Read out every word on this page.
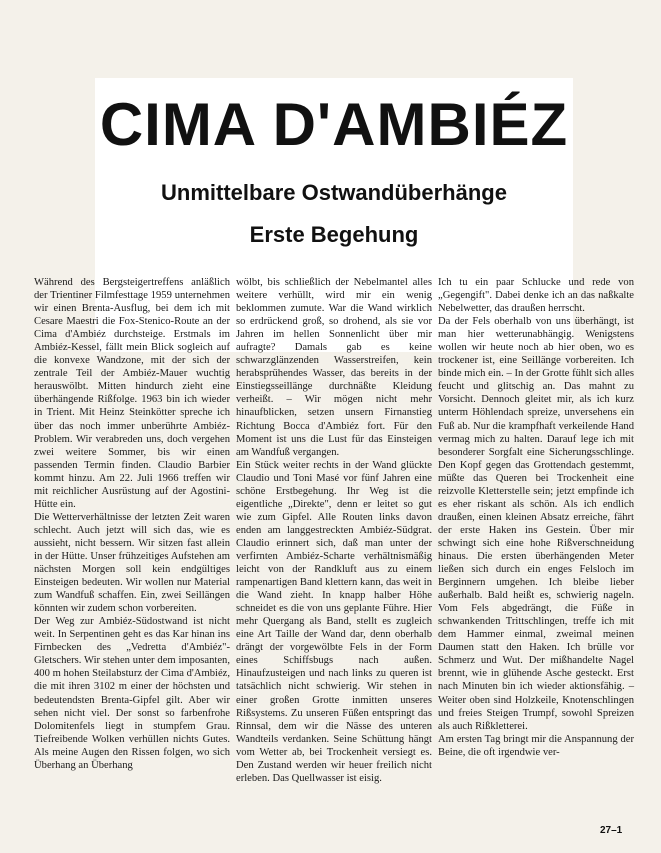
CIMA D'AMBIÉZ
Unmittelbare Ostwandüberhänge
Erste Begehung

Während des Bergsteigertreffens anläßlich der Trientiner Filmfesttage 1959 unternehmen wir einen Brenta-Ausflug, bei dem ich mit Cesare Maestri die Fox-Stenico-Route an der Cima d'Ambiéz durchsteige. Erstmals im Ambiéz-Kessel, fällt mein Blick sogleich auf die konvexe Wandzone, mit der sich der zentrale Teil der Ambiéz-Mauer wuchtig herauswölbt. Mitten hindurch zieht eine überhängende Rißfolge. 1963 bin ich wieder in Trient. Mit Heinz Steinkötter spreche ich über das noch immer unberührte Ambiéz-Problem. Wir verabreden uns, doch vergehen zwei weitere Sommer, bis wir einen passenden Termin finden. Claudio Barbier kommt hinzu. Am 22. Juli 1966 treffen wir mit reichlicher Ausrüstung auf der Agostini-Hütte ein.

Die Wetterverhältnisse der letzten Zeit waren schlecht. Auch jetzt will sich das, wie es aussieht, nicht bessern. Wir sitzen fast allein in der Hütte. Unser frühzeitiges Aufstehen am nächsten Morgen soll kein endgültiges Einsteigen bedeuten. Wir wollen nur Material zum Wandfuß schaffen. Ein, zwei Seillängen könnten wir zudem schon vorbereiten.

Der Weg zur Ambiéz-Südostwand ist nicht weit. In Serpentinen geht es das Kar hinan ins Firnbecken des „Vedretta d'Ambiéz"-Gletschers. Wir stehen unter dem imposanten, 400 m hohen Steilabsturz der Cima d'Ambiéz, die mit ihren 3102 m einer der höchsten und bedeutendsten Brenta-Gipfel gilt. Aber wir sehen nicht viel. Der sonst so farbenfrohe Dolomitenfels liegt in stumpfem Grau. Tiefreibende Wolken verhüllen nichts Gutes. Als meine Augen den Rissen folgen, wo sich Überhang an Überhang

wölbt, bis schließlich der Nebelmantel alles weitere verhüllt, wird mir ein wenig beklommen zumute. War die Wand wirklich so erdrückend groß, so drohend, als sie vor Jahren im hellen Sonnenlicht über mir aufragte? Damals gab es keine schwarzglänzenden Wasserstreifen, kein herabsprühendes Wasser, das bereits in der Einstiegsseillänge durchnäßte Kleidung verheißt. – Wir mögen nicht mehr hinaufblicken, setzen unsern Firnanstieg Richtung Bocca d'Ambiéz fort. Für den Moment ist uns die Lust für das Einsteigen am Wandfuß vergangen.

Ein Stück weiter rechts in der Wand glückte Claudio und Toni Masé vor fünf Jahren eine schöne Erstbegehung. Ihr Weg ist die eigentliche „Direkte", denn er leitet so gut wie zum Gipfel. Alle Routen links davon enden am langgestreckten Ambiéz-Südgrat. Claudio erinnert sich, daß man unter der verfirnten Ambiéz-Scharte verhältnismäßig leicht von der Randkluft aus zu einem rampenartigen Band klettern kann, das weit in die Wand zieht. In knapp halber Höhe schneidet es die von uns geplante Führe. Hier mehr Quergang als Band, stellt es zugleich eine Art Taille der Wand dar, denn oberhalb drängt der vorgewölbte Fels in der Form eines Schiffsbugs nach außen. Hinaufzusteigen und nach links zu queren ist tatsächlich nicht schwierig. Wir stehen in einer großen Grotte inmitten unseres Rißsystems. Zu unseren Füßen entspringt das Rinnsal, dem wir die Nässe des unteren Wandteils verdanken. Seine Schüttung hängt vom Wetter ab, bei Trockenheit versiegt es. Den Zustand werden wir heuer freilich nicht erleben. Das Quellwasser ist eisig.

Ich tu ein paar Schlucke und rede von „Gegengift". Dabei denke ich an das naßkalte Nebelwetter, das draußen herrscht.

Da der Fels oberhalb von uns überhängt, ist man hier wetterunabhängig. Wenigstens wollen wir heute noch ab hier oben, wo es trockener ist, eine Seillänge vorbereiten. Ich binde mich ein. – In der Grotte fühlt sich alles feucht und glitschig an. Das mahnt zu Vorsicht. Dennoch gleitet mir, als ich kurz unterm Höhlendach spreize, unversehens ein Fuß ab. Nur die krampfhaft verkeilende Hand vermag mich zu halten. Darauf lege ich mit besonderer Sorgfalt eine Sicherungsschlinge. Den Kopf gegen das Grottendach gestemmt, müßte das Queren bei Trockenheit eine reizvolle Kletterstelle sein; jetzt empfinde ich es eher riskant als schön. Als ich endlich draußen, einen kleinen Absatz erreiche, fährt der erste Haken ins Gestein. Über mir schwingt sich eine hohe Rißverschneidung hinaus. Die ersten überhängenden Meter ließen sich durch ein enges Felsloch im Berginnern umgehen. Ich bleibe lieber außerhalb. Bald heißt es, schwierig nageln. Vom Fels abgedrängt, die Füße in schwankenden Trittschlingen, treffe ich mit dem Hammer einmal, zweimal meinen Daumen statt den Haken. Ich brülle vor Schmerz und Wut. Der mißhandelte Nagel brennt, wie in glühende Asche gesteckt. Erst nach Minuten bin ich wieder aktionsfähig. – Weiter oben sind Holzkeile, Knotenschlingen und freies Steigen Trumpf, sowohl Spreizen als auch Rißkletterei.

Am ersten Tag bringt mir die Anspannung der Beine, die oft irgendwie ver-

27–1
